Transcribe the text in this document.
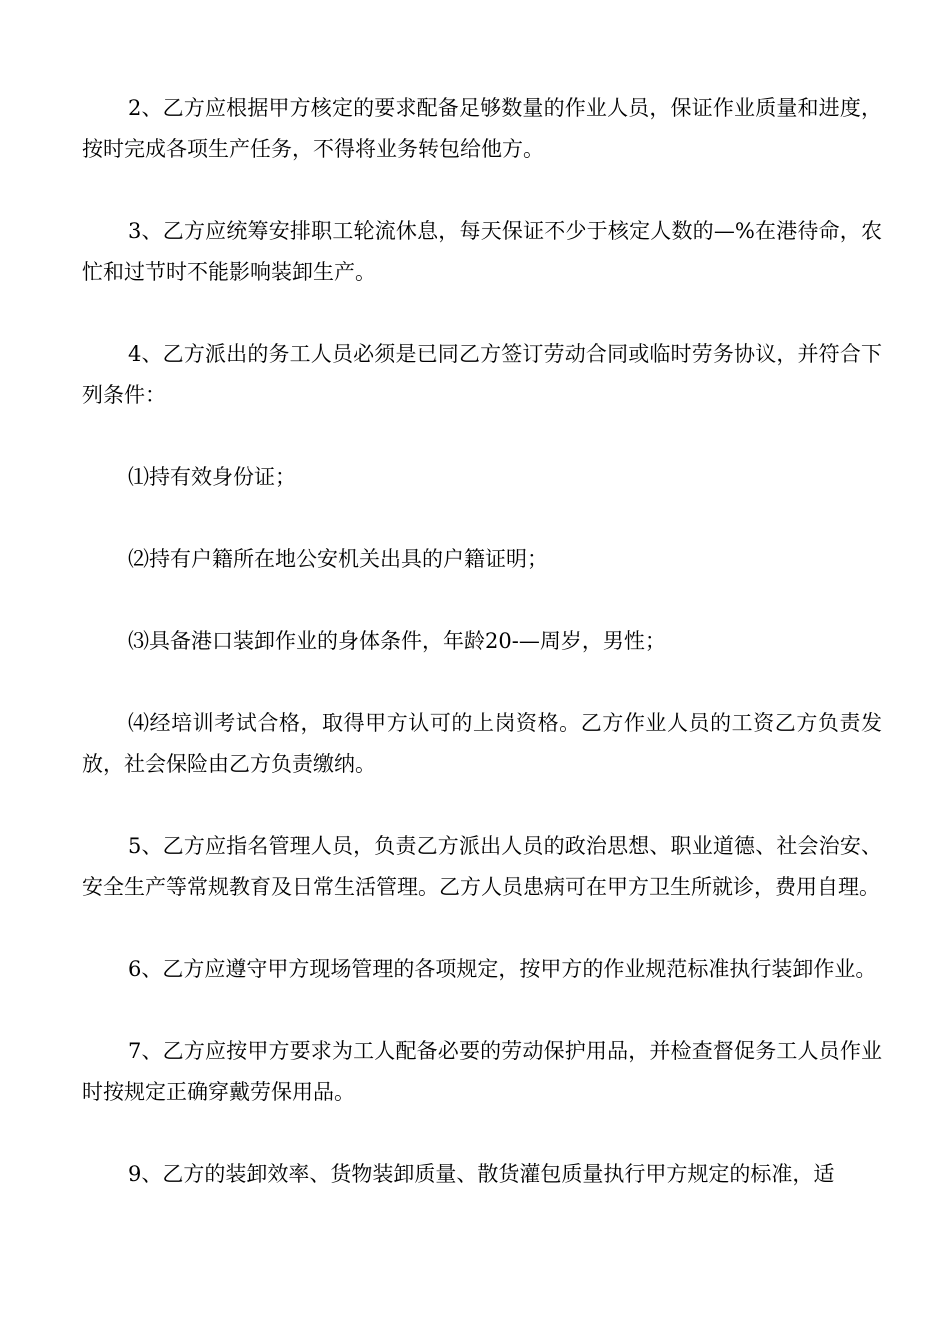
2、乙方应根据甲方核定的要求配备足够数量的作业人员，保证作业质量和进度，按时完成各项生产任务，不得将业务转包给他方。

3、乙方应统筹安排职工轮流休息，每天保证不少于核定人数的—%在港待命，农忙和过节时不能影响装卸生产。

4、乙方派出的务工人员必须是已同乙方签订劳动合同或临时劳务协议，并符合下列条件：

⑴持有效身份证；

⑵持有户籍所在地公安机关出具的户籍证明；

⑶具备港口装卸作业的身体条件，年龄20-—周岁，男性；

⑷经培训考试合格，取得甲方认可的上岗资格。乙方作业人员的工资乙方负责发放，社会保险由乙方负责缴纳。

5、乙方应指名管理人员，负责乙方派出人员的政治思想、职业道德、社会治安、安全生产等常规教育及日常生活管理。乙方人员患病可在甲方卫生所就诊，费用自理。

6、乙方应遵守甲方现场管理的各项规定，按甲方的作业规范标准执行装卸作业。

7、乙方应按甲方要求为工人配备必要的劳动保护用品，并检查督促务工人员作业时按规定正确穿戴劳保用品。

9、乙方的装卸效率、货物装卸质量、散货灌包质量执行甲方规定的标准，适
